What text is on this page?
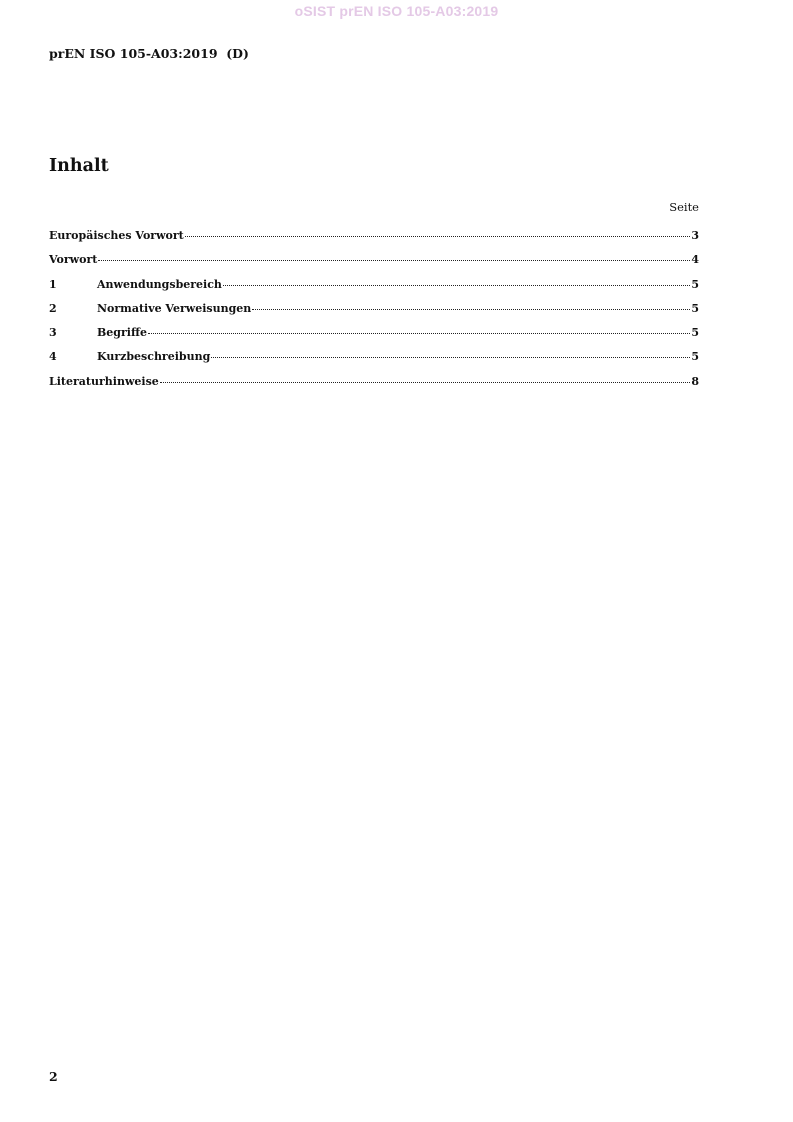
oSIST prEN ISO 105-A03:2019
prEN ISO 105-A03:2019  (D)
Inhalt
Seite
Europäisches Vorwort	3
Vorwort	4
1	Anwendungsbereich	5
2	Normative Verweisungen	5
3	Begriffe	5
4	Kurzbeschreibung	5
Literaturhinweise	8
2
